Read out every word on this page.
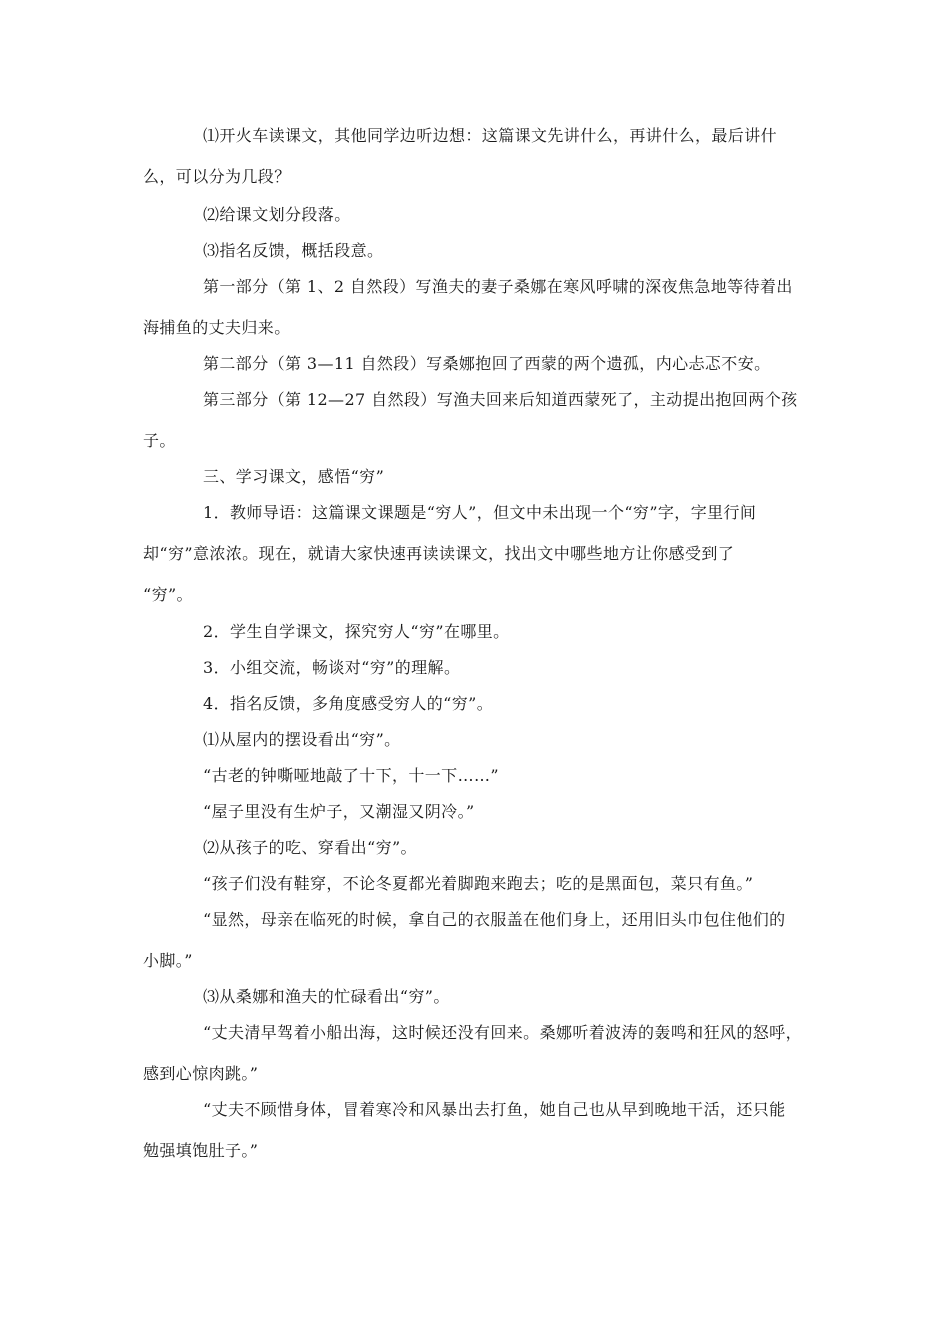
⑴开火车读课文，其他同学边听边想：这篇课文先讲什么，再讲什么，最后讲什
么，可以分为几段？
⑵给课文划分段落。
⑶指名反馈，概括段意。
第一部分（第 1、2 自然段）写渔夫的妻子桑娜在寒风呼啸的深夜焦急地等待着出
海捕鱼的丈夫归来。
第二部分（第 3—11 自然段）写桑娜抱回了西蒙的两个遗孤，内心忐忑不安。
第三部分（第 12—27 自然段）写渔夫回来后知道西蒙死了，主动提出抱回两个孩
子。
三、学习课文，感悟“穷”
1．教师导语：这篇课文课题是“穷人”，但文中未出现一个“穷”字，字里行间
却“穷”意浓浓。现在，就请大家快速再读读课文，找出文中哪些地方让你感受到了
“穷”。
2．学生自学课文，探究穷人“穷”在哪里。
3．小组交流，畅谈对“穷”的理解。
4．指名反馈，多角度感受穷人的“穷”。
⑴从屋内的摆设看出“穷”。
“古老的钟嘶哑地敲了十下，十一下……”
“屋子里没有生炉子，又潮湿又阴冷。”
⑵从孩子的吃、穿看出“穷”。
“孩子们没有鞋穿，不论冬夏都光着脚跑来跑去；吃的是黑面包，菜只有鱼。”
“显然，母亲在临死的时候，拿自己的衣服盖在他们身上，还用旧头巾包住他们的
小脚。”
⑶从桑娜和渔夫的忙碌看出“穷”。
“丈夫清早驾着小船出海，这时候还没有回来。桑娜听着波涛的轰鸣和狂风的怒呼，
感到心惊肉跳。”
“丈夫不顾惜身体，冒着寒冷和风暴出去打鱼，她自己也从早到晚地干活，还只能
勉强填饱肚子。”
